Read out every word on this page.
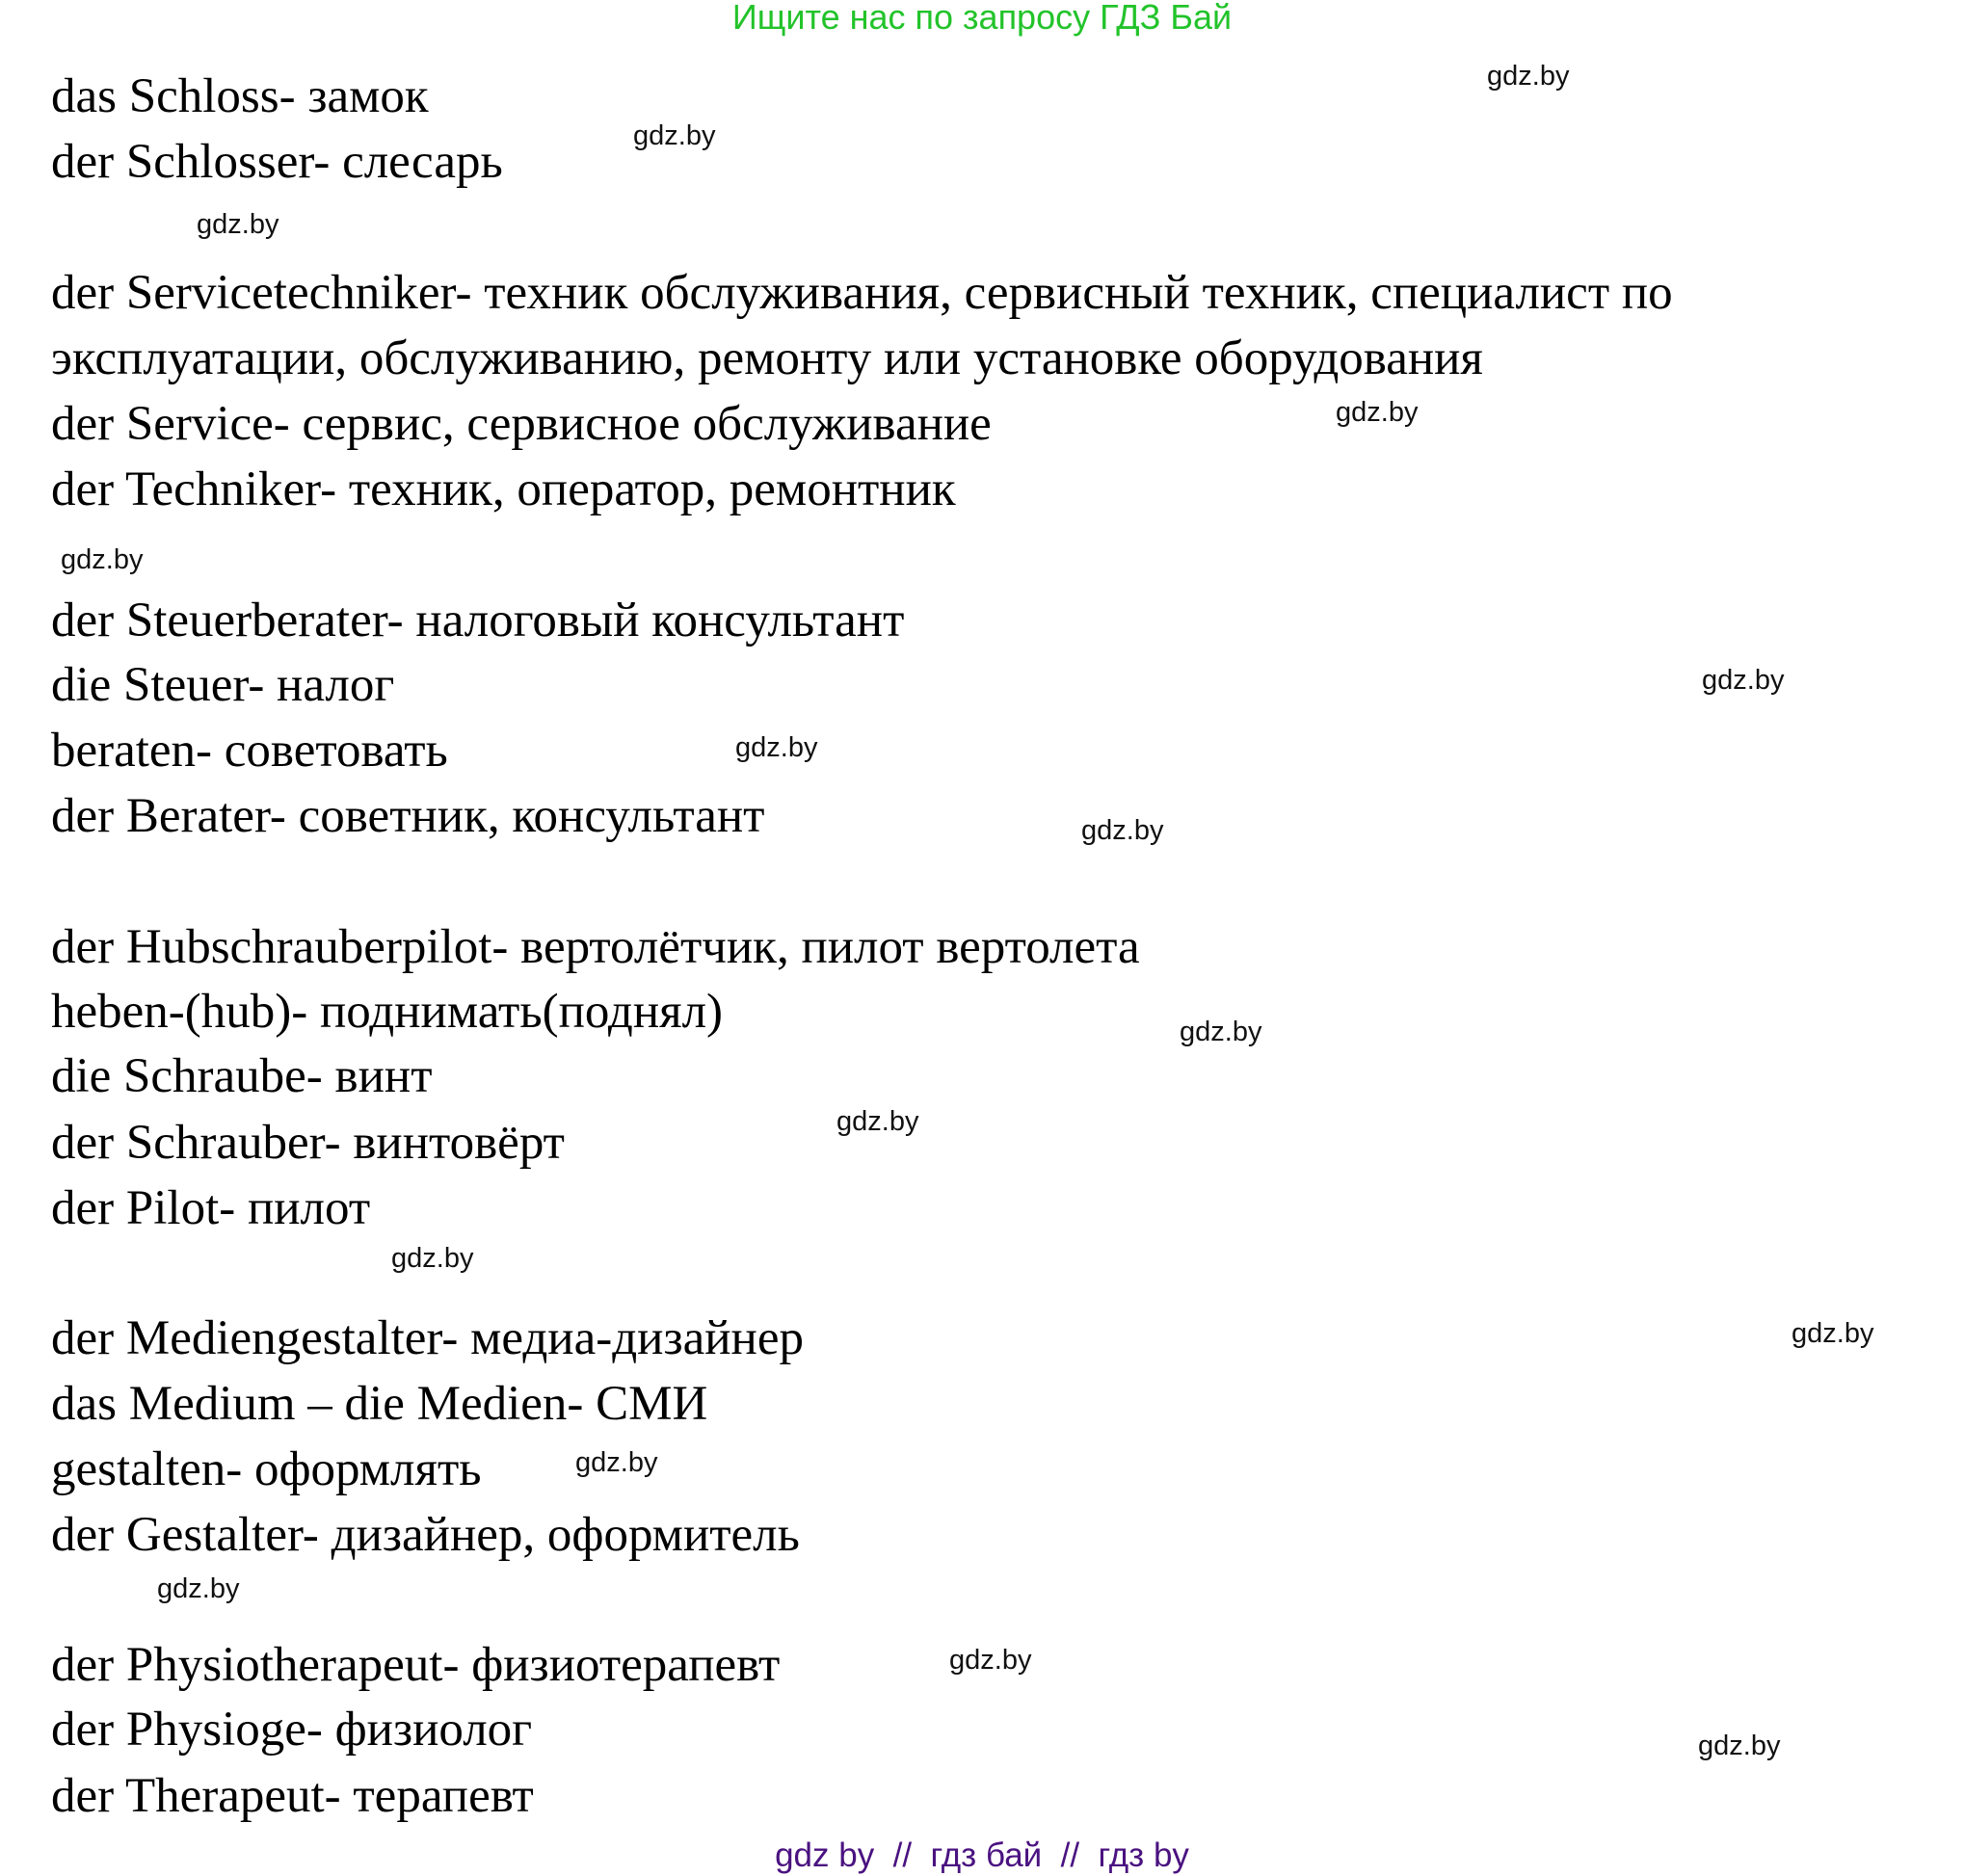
Ищите нас по запросу ГДЗ Бай
das Schloss- замок
der Schlosser- слесарь
der Servicetechniker- техник обслуживания, сервисный техник, специалист по
эксплуатации, обслуживанию, ремонту или установке оборудования
der Service- сервис, сервисное обслуживание
der Techniker- техник, оператор, ремонтник
der Steuerberater- налоговый консультант
die Steuer- налог
beraten- советовать
der Berater- советник, консультант
der Hubschrauberpilot- вертолётчик, пилот вертолета
heben-(hub)- поднимать(поднял)
die Schraube- винт
der Schrauber- винтовёрт
der Pilot- пилот
der Mediengestalter- медиа-дизайнер
das Medium – die Medien- СМИ
gestalten- оформлять
der Gestalter- дизайнер, оформитель
der Physiotherapeut- физиотерапевт
der Physioge- физиолог
der Therapeut- терапевт
gdz.by
gdz.by
gdz.by
gdz.by
gdz.by
gdz.by
gdz.by
gdz.by
gdz.by
gdz.by
gdz.by
gdz.by
gdz.by
gdz.by
gdz.by
gdz.by
gdz by  //  гдз бай  //  гдз by
